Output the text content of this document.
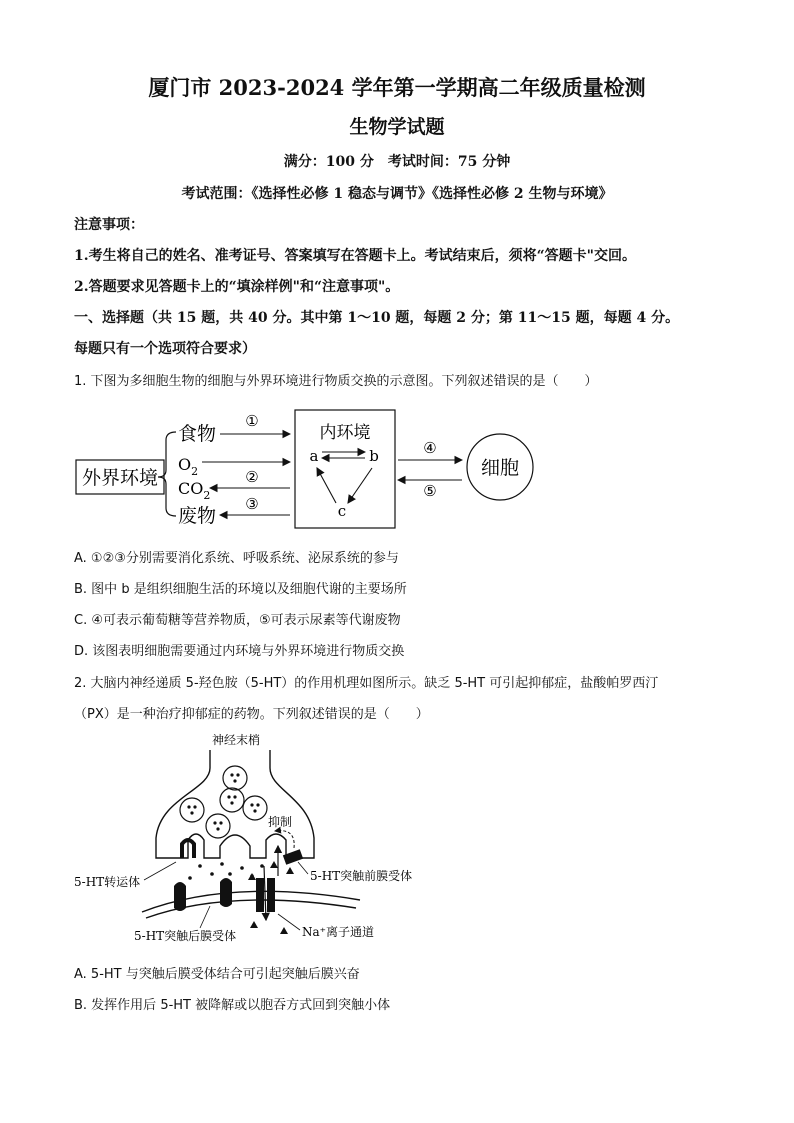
厦门市 2023-2024 学年第一学期高二年级质量检测
生物学试题
满分：100 分　考试时间：75 分钟
考试范围：《选择性必修 1 稳态与调节》《选择性必修 2 生物与环境》
注意事项：
1.考生将自己的姓名、准考证号、答案填写在答题卡上。考试结束后，须将“答题卡"交回。
2.答题要求见答题卡上的“填涂样例"和“注意事项"。
一、选择题（共 15 题，共 40 分。其中第 1～10 题，每题 2 分；第 11～15 题，每题 4 分。
每题只有一个选项符合要求）
1. 下图为多细胞生物的细胞与外界环境进行物质交换的示意图。下列叙述错误的是（　　）
外界环境
食物
$O_2$
$CO_2$
废物
①
②
③
内环境
a	b
c
④
⑤
细胞
A. ①②③分别需要消化系统、呼吸系统、泌尿系统的参与
B. 图中 b 是组织细胞生活的环境以及细胞代谢的主要场所
C. ④可表示葡萄糖等营养物质，⑤可表示尿素等代谢废物
D. 该图表明细胞需要通过内环境与外界环境进行物质交换
2. 大脑内神经递质 5-羟色胺（5-HT）的作用机理如图所示。缺乏 5-HT 可引起抑郁症，盐酸帕罗西汀
（PX）是一种治疗抑郁症的药物。下列叙述错误的是（　　）
神经末梢
抑制
5-HT转运体	5-HT突触前膜受体
5-HT突触后膜受体	Na⁺离子通道
A. 5-HT 与突触后膜受体结合可引起突触后膜兴奋
B. 发挥作用后 5-HT 被降解或以胞吞方式回到突触小体
